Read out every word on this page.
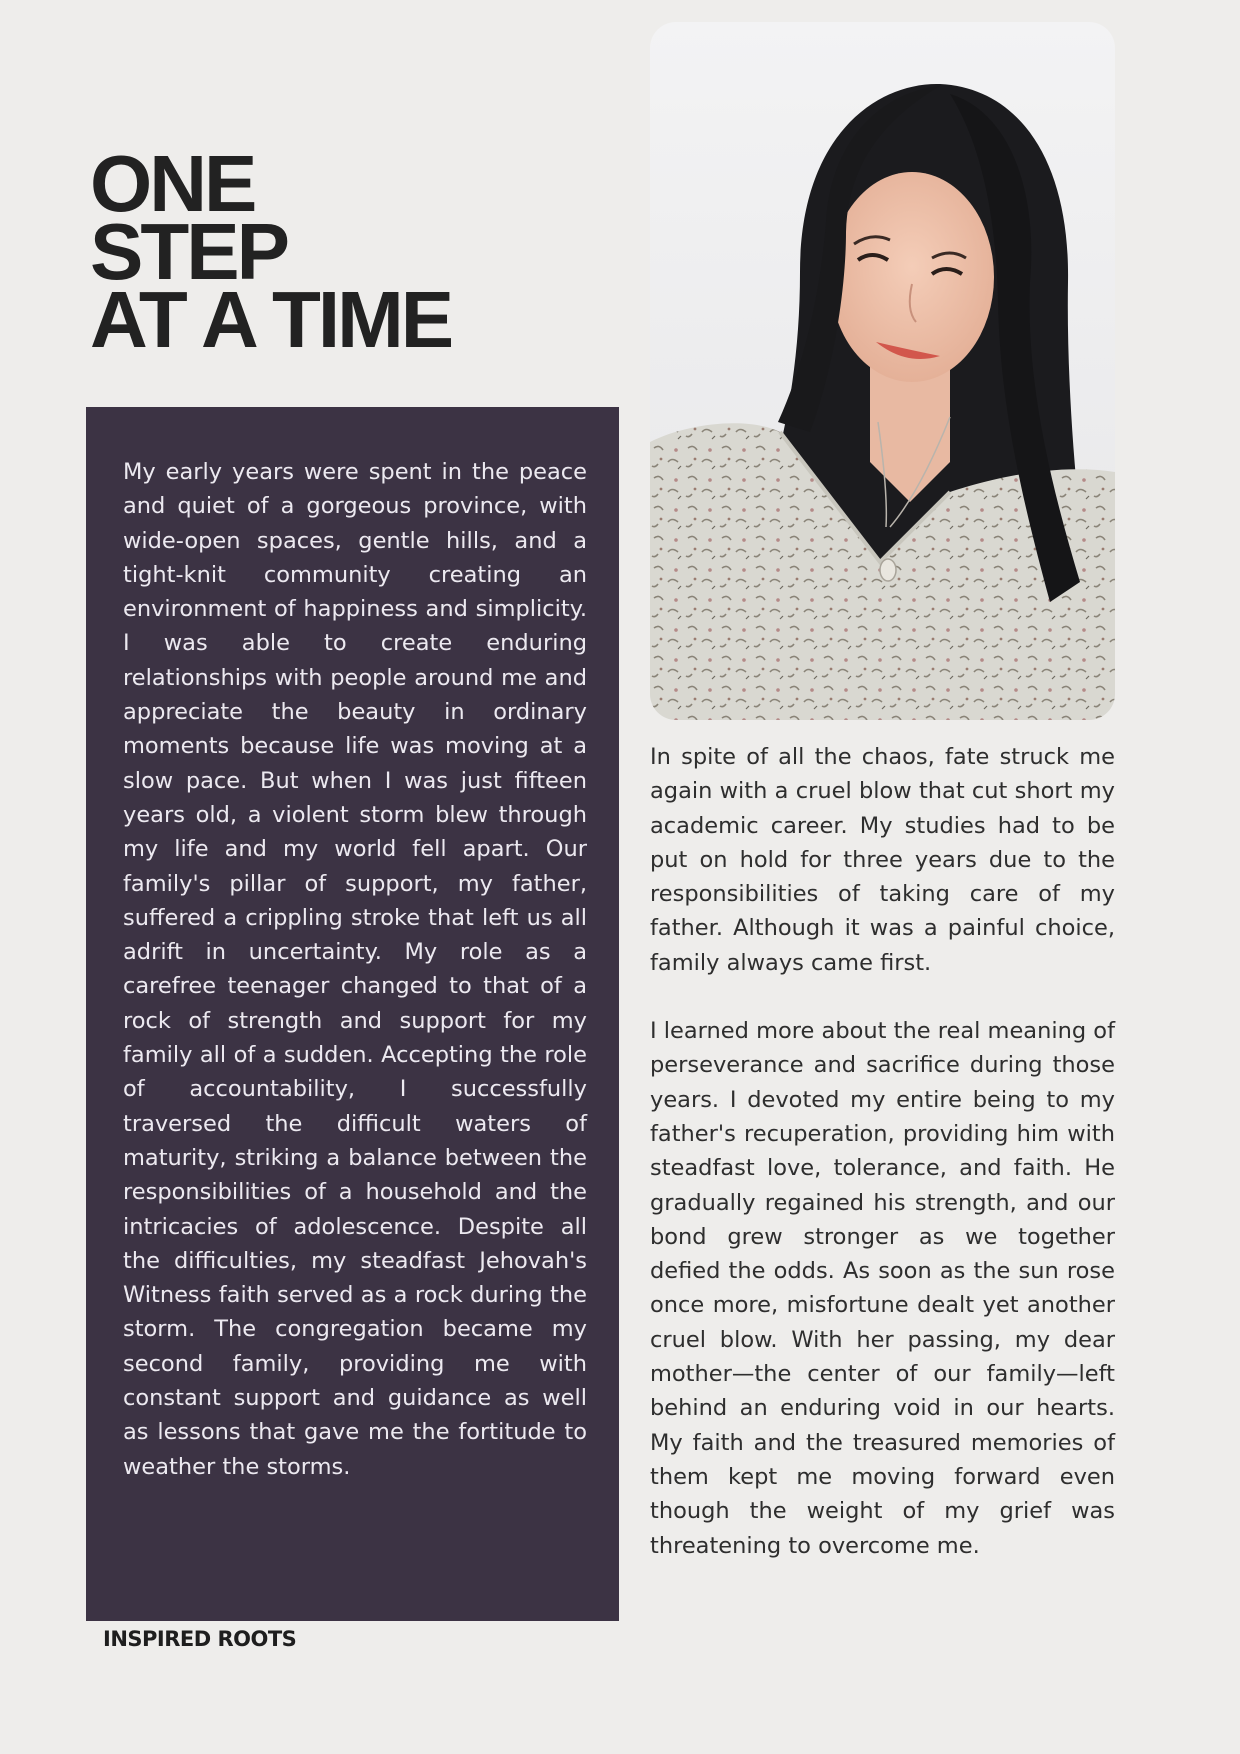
ONE
STEP
AT A TIME

My early years were spent in the peace and quiet of a gorgeous province, with wide-open spaces, gentle hills, and a tight-knit community creating an environment of happiness and simplicity. I was able to create enduring relationships with people around me and appreciate the beauty in ordinary moments because life was moving at a slow pace. But when I was just fifteen years old, a violent storm blew through my life and my world fell apart. Our family's pillar of support, my father, suffered a crippling stroke that left us all adrift in uncertainty. My role as a carefree teenager changed to that of a rock of strength and support for my family all of a sudden. Accepting the role of accountability, I successfully traversed the difficult waters of maturity, striking a balance between the responsibilities of a household and the intricacies of adolescence. Despite all the difficulties, my steadfast Jehovah's Witness faith served as a rock during the storm. The congregation became my second family, providing me with constant support and guidance as well as lessons that gave me the fortitude to weather the storms.

In spite of all the chaos, fate struck me again with a cruel blow that cut short my academic career. My studies had to be put on hold for three years due to the responsibilities of taking care of my father. Although it was a painful choice, family always came first.

I learned more about the real meaning of perseverance and sacrifice during those years. I devoted my entire being to my father's recuperation, providing him with steadfast love, tolerance, and faith. He gradually regained his strength, and our bond grew stronger as we together defied the odds. As soon as the sun rose once more, misfortune dealt yet another cruel blow. With her passing, my dear mother—the center of our family—left behind an enduring void in our hearts. My faith and the treasured memories of them kept me moving forward even though the weight of my grief was threatening to overcome me.

INSPIRED ROOTS
